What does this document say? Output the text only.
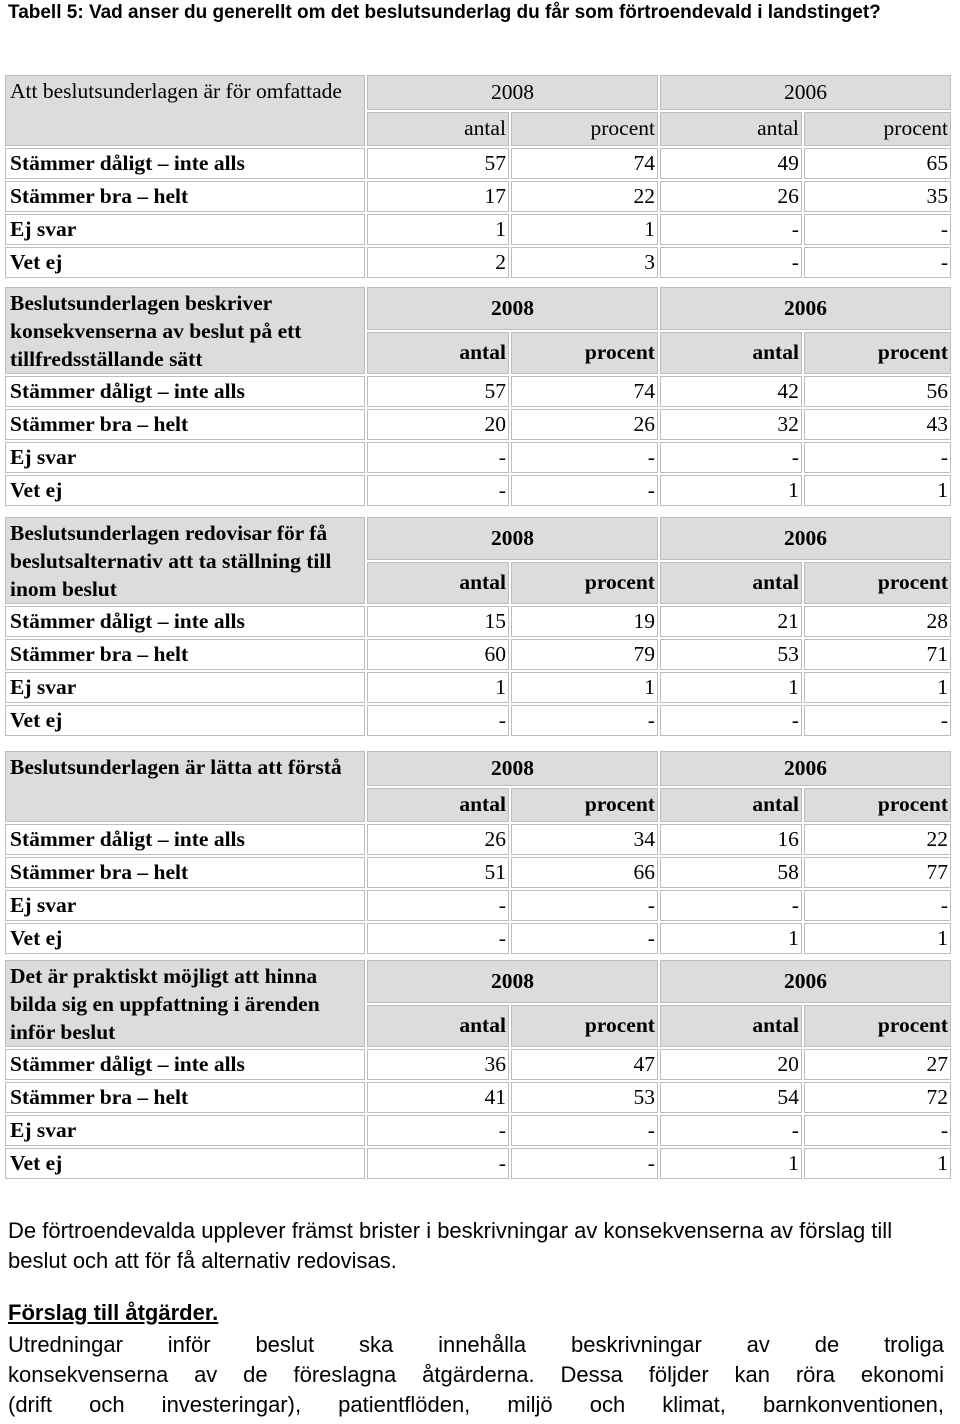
Tabell 5: Vad anser du generellt om det beslutsunderlag du får som förtroendevald i landstinget?
Att beslutsunderlagen är för omfattade	2008		2006	
	antal	procent	antal	procent
Stämmer dåligt – inte alls	57	74	49	65
Stämmer bra – helt	17	22	26	35
Ej svar	1	1	-	-
Vet ej	2	3	-	-
Beslutsunderlagen beskriver konsekvenserna av beslut på ett tillfredsställande sätt	2008		2006	
	antal	procent	antal	procent
Stämmer dåligt – inte alls	57	74	42	56
Stämmer bra – helt	20	26	32	43
Ej svar	-	-	-	-
Vet ej	-	-	1	1
Beslutsunderlagen redovisar för få beslutsalternativ att ta ställning till inom beslut	2008		2006	
	antal	procent	antal	procent
Stämmer dåligt – inte alls	15	19	21	28
Stämmer bra – helt	60	79	53	71
Ej svar	1	1	1	1
Vet ej	-	-	-	-
Beslutsunderlagen är lätta att förstå	2008		2006	
	antal	procent	antal	procent
Stämmer dåligt – inte alls	26	34	16	22
Stämmer bra – helt	51	66	58	77
Ej svar	-	-	-	-
Vet ej	-	-	1	1
Det är praktiskt möjligt att hinna bilda sig en uppfattning i ärenden inför beslut	2008		2006	
	antal	procent	antal	procent
Stämmer dåligt – inte alls	36	47	20	27
Stämmer bra – helt	41	53	54	72
Ej svar	-	-	-	-
Vet ej	-	-	1	1
De förtroendevalda upplever främst brister i beskrivningar av konsekvenserna av förslag till beslut och att för få alternativ redovisas.
Förslag till åtgärder.
Utredningar inför beslut ska innehålla beskrivningar av de troliga
konsekvenserna av de föreslagna åtgärderna. Dessa följder kan röra ekonomi
(drift och investeringar), patientflöden, miljö och klimat, barnkonventionen,
